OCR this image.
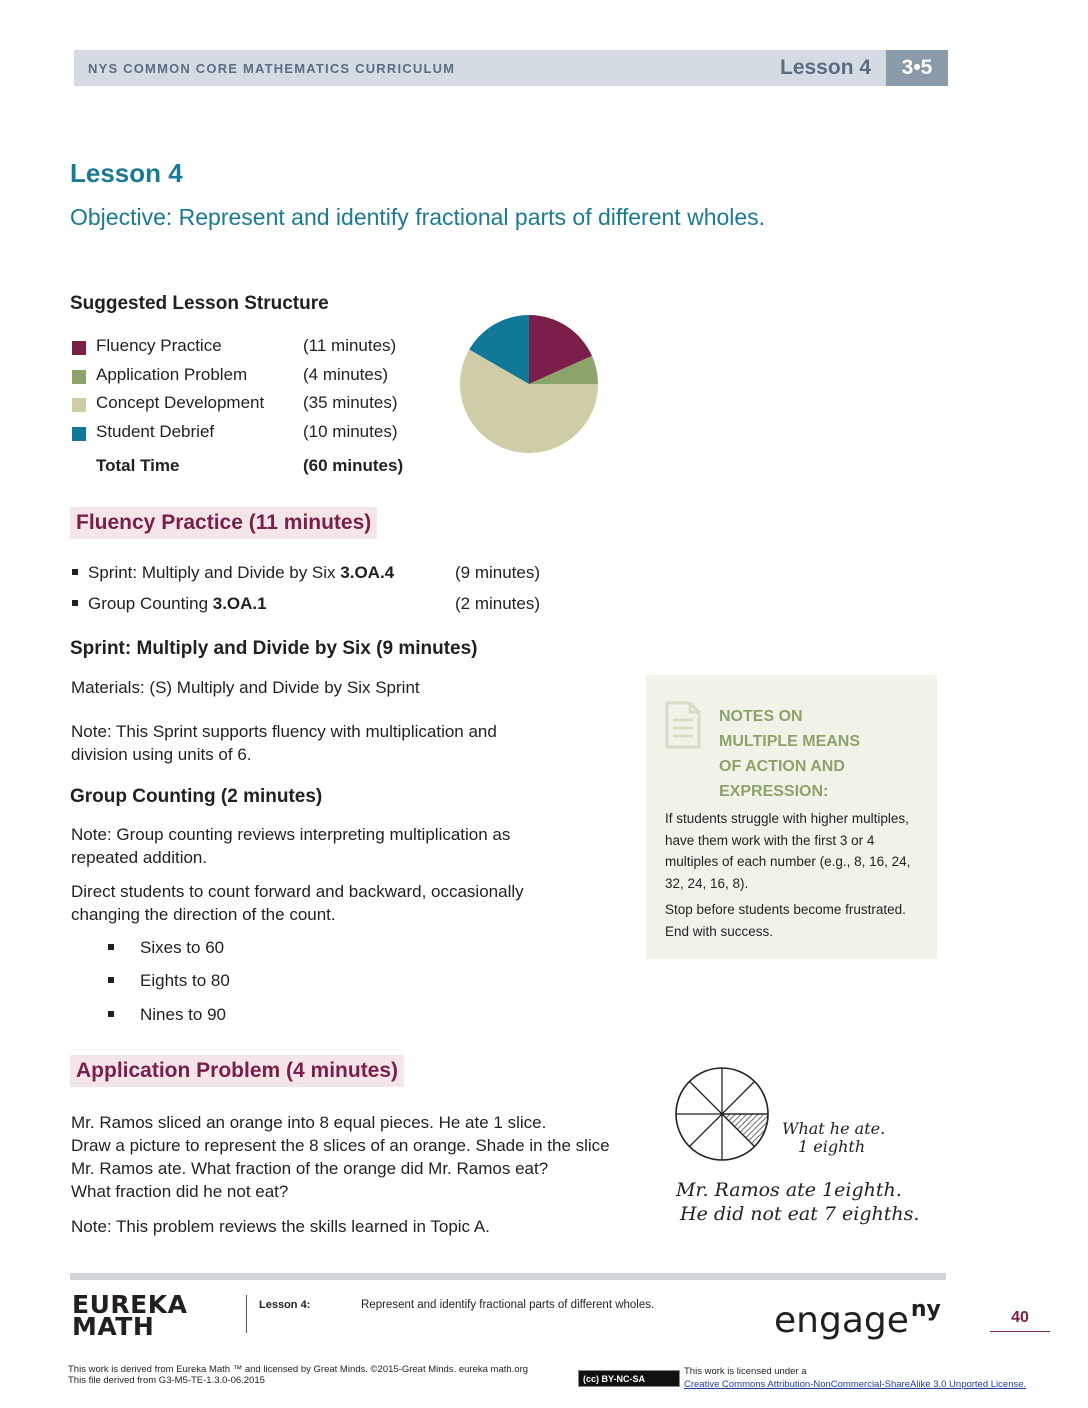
NYS COMMON CORE MATHEMATICS CURRICULUM	Lesson 4	3•5
Lesson 4
Objective: Represent and identify fractional parts of different wholes.
Suggested Lesson Structure
Fluency Practice	(11 minutes)
Application Problem	(4 minutes)
Concept Development (35 minutes)
Student Debrief	(10 minutes)
Total Time	(60 minutes)
Fluency Practice (11 minutes)
Sprint: Multiply and Divide by Six 3.OA.4	(9 minutes)
Group Counting 3.OA.1	(2 minutes)
Sprint: Multiply and Divide by Six (9 minutes)
Materials: (S) Multiply and Divide by Six Sprint
Note: This Sprint supports fluency with multiplication and division using units of 6.
Group Counting (2 minutes)
Note: Group counting reviews interpreting multiplication as repeated addition.
Direct students to count forward and backward, occasionally changing the direction of the count.
Sixes to 60
Eights to 80
Nines to 90
NOTES ON
MULTIPLE MEANS
OF ACTION AND
EXPRESSION:
If students struggle with higher multiples, have them work with the first 3 or 4 multiples of each number (e.g., 8, 16, 24, 32, 24, 16, 8).
Stop before students become frustrated. End with success.
Application Problem (4 minutes)
Mr. Ramos sliced an orange into 8 equal pieces. He ate 1 slice.
Draw a picture to represent the 8 slices of an orange. Shade in the slice
Mr. Ramos ate. What fraction of the orange did Mr. Ramos eat?
What fraction did he not eat?
Note: This problem reviews the skills learned in Topic A.
What he ate.
1 eighth
Mr. Ramos ate 1eighth.
He did not eat 7 eighths.
EUREKA
MATH
Lesson 4:	Represent and identify fractional parts of different wholes.	engage$^{ny}$	40
This work is derived from Eureka Math ™ and licensed by Great Minds. ©2015-Great Minds. eureka math.org
This file derived from G3-M5-TE-1.3.0-06.2015	(cc) BY-NC-SA
This work is licensed under a
Creative Commons Attribution-NonCommercial-ShareAlike 3.0 Unported License.
